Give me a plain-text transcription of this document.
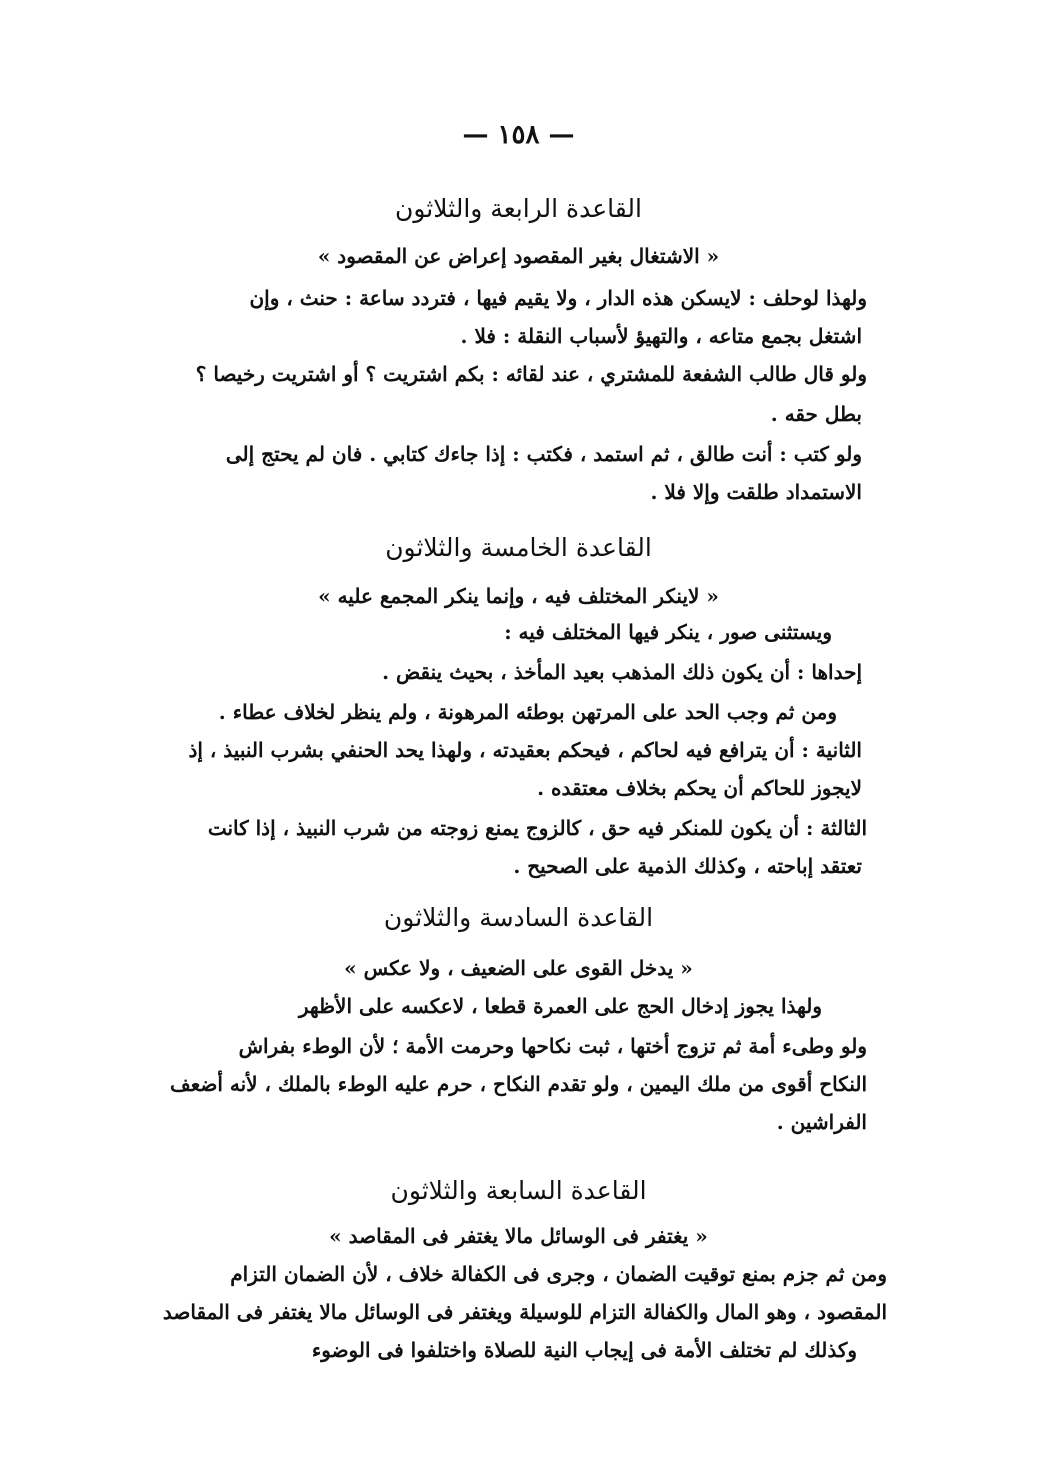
— ١٥٨ —
القاعدة الرابعة والثلاثون
« الاشتغال بغير المقصود إعراض عن المقصود »
ولهذا لوحلف : لايسكن هذه الدار ، ولا يقيم فيها ، فتردد ساعة : حنث ، وإن
اشتغل بجمع متاعه ، والتهيؤ لأسباب النقلة : فلا .
ولو قال طالب الشفعة للمشتري ، عند لقائه : بكم اشتريت ؟ أو اشتريت رخيصا ؟
بطل حقه .
ولو كتب : أنت طالق ، ثم استمد ، فكتب : إذا جاءك كتابي . فان لم يحتج إلى
الاستمداد طلقت وإلا فلا .
القاعدة الخامسة والثلاثون
« لاينكر المختلف فيه ، وإنما ينكر المجمع عليه »
ويستثنى صور ، ينكر فيها المختلف فيه :
إحداها : أن يكون ذلك المذهب بعيد المأخذ ، بحيث ينقض .
ومن ثم وجب الحد على المرتهن بوطئه المرهونة ، ولم ينظر لخلاف عطاء .
الثانية : أن يترافع فيه لحاكم ، فيحكم بعقيدته ، ولهذا يحد الحنفي بشرب النبيذ ، إذ
لايجوز للحاكم أن يحكم بخلاف معتقده .
الثالثة : أن يكون للمنكر فيه حق ، كالزوج يمنع زوجته من شرب النبيذ ، إذا كانت
تعتقد إباحته ، وكذلك الذمية على الصحيح .
القاعدة السادسة والثلاثون
« يدخل القوى على الضعيف ، ولا عكس »
ولهذا يجوز إدخال الحج على العمرة قطعا ، لاعكسه على الأظهر
ولو وطىء أمة ثم تزوج أختها ، ثبت نكاحها وحرمت الأمة ؛ لأن الوطء بفراش
النكاح أقوى من ملك اليمين ، ولو تقدم النكاح ، حرم عليه الوطء بالملك ، لأنه أضعف
الفراشين .
القاعدة السابعة والثلاثون
« يغتفر فى الوسائل مالا يغتفر فى المقاصد »
ومن ثم جزم بمنع توقيت الضمان ، وجرى فى الكفالة خلاف ، لأن الضمان التزام
المقصود ، وهو المال والكفالة التزام للوسيلة ويغتفر فى الوسائل مالا يغتفر فى المقاصد
وكذلك لم تختلف الأمة فى إيجاب النية للصلاة واختلفوا فى الوضوء
